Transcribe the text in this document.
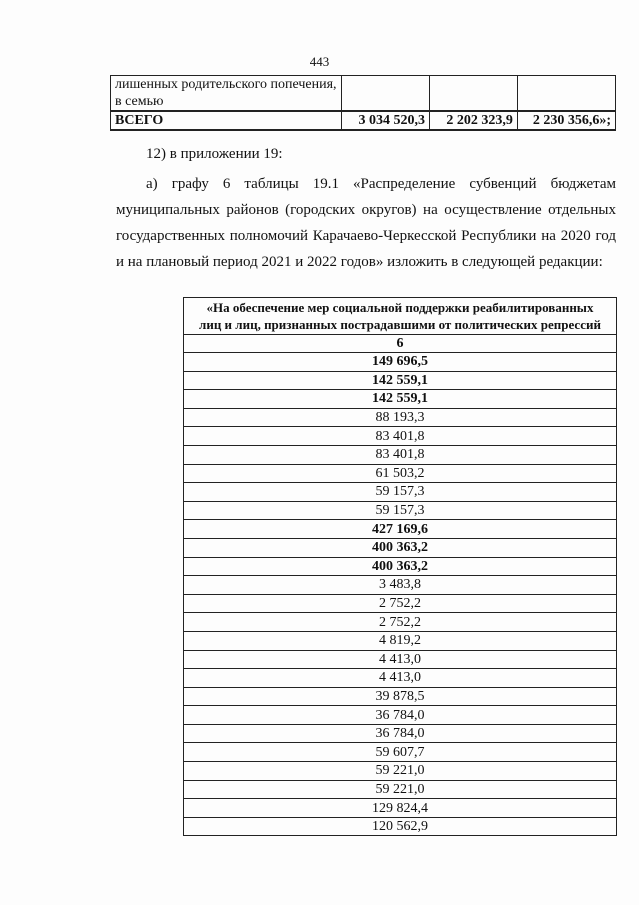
443
лишенных родительского попечения, в семью			
ВСЕГО	3 034 520,3	2 202 323,9	2 230 356,6»;
12) в приложении 19:
а) графу 6 таблицы 19.1 «Распределение субвенций бюджетам муниципальных районов (городских округов) на осуществление отдельных государственных полномочий Карачаево-Черкесской Республики на 2020 год и на плановый период 2021 и 2022 годов» изложить в следующей редакции:
«На обеспечение мер социальной поддержки реабилитированных
лиц и лиц, признанных пострадавшими от политических репрессий

6
149 696,5
142 559,1
142 559,1
88 193,3
83 401,8
83 401,8
61 503,2
59 157,3
59 157,3
427 169,6
400 363,2
400 363,2
3 483,8
2 752,2
2 752,2
4 819,2
4 413,0
4 413,0
39 878,5
36 784,0
36 784,0
59 607,7
59 221,0
59 221,0
129 824,4
120 562,9
